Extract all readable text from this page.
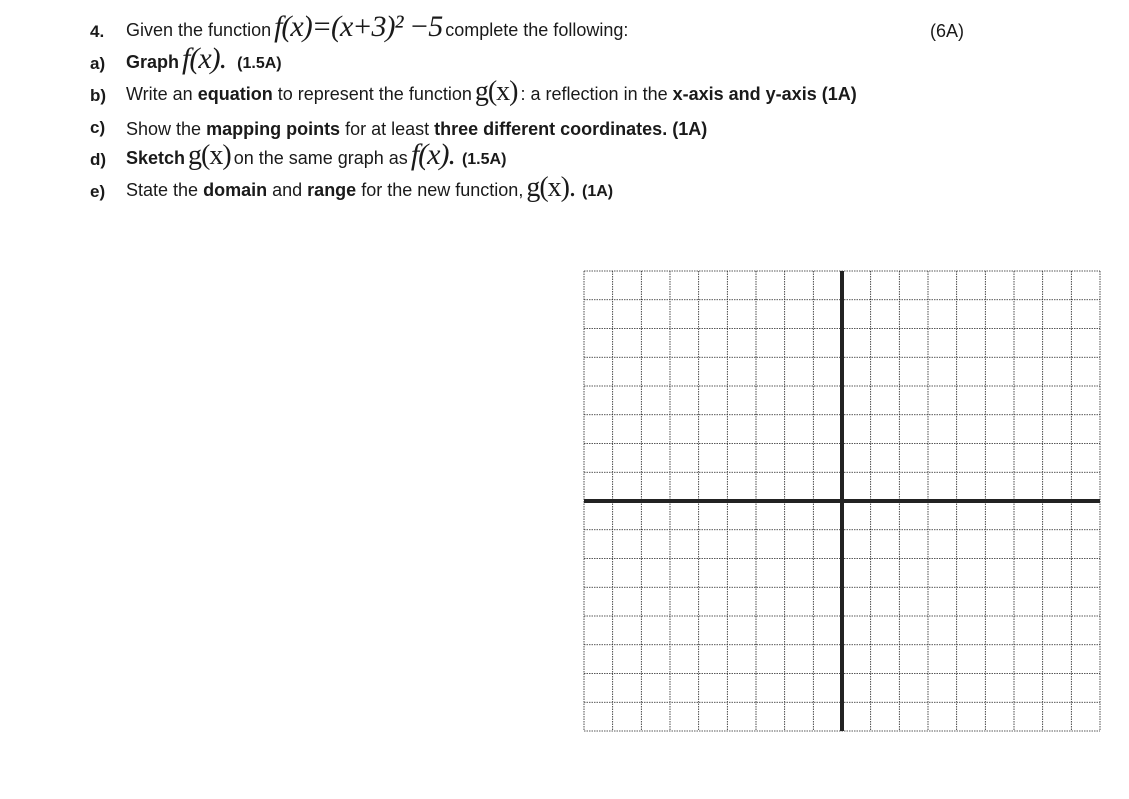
4. Given the function f(x)=(x+3)² −5 complete the following:	(6A)
a) Graph f(x). (1.5A)
b) Write an
equation
to represent the function g(x) : a reflection in the
x-axis and y-axis (1A)
c) Show the
mapping points
for at least
three different coordinates . (1A)
d) Sketch g(x) on the same graph as f(x). (1.5A)
e) State the
domain
and
range
for the new function, g(x). (1A)
